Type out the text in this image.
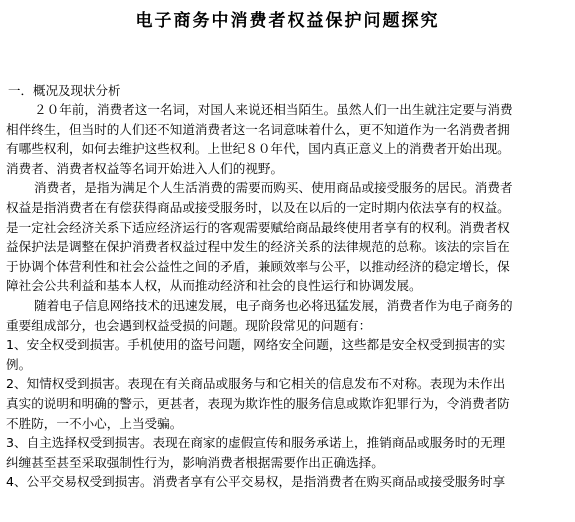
电子商务中消费者权益保护问题探究
一．概况及现状分析
２０年前，消费者这一名词，对国人来说还相当陌生。虽然人们一出生就注定要与消费
相伴终生，但当时的人们还不知道消费者这一名词意味着什么，更不知道作为一名消费者拥
有哪些权利，如何去维护这些权利。上世纪８０年代，国内真正意义上的消费者开始出现。
消费者、消费者权益等名词开始进入人们的视野。
消费者，是指为满足个人生活消费的需要而购买、使用商品或接受服务的居民。消费者
权益是指消费者在有偿获得商品或接受服务时，以及在以后的一定时期内依法享有的权益。
是一定社会经济关系下适应经济运行的客观需要赋给商品最终使用者享有的权利。消费者权
益保护法是调整在保护消费者权益过程中发生的经济关系的法律规范的总称。该法的宗旨在
于协调个体营利性和社会公益性之间的矛盾，兼顾效率与公平，以推动经济的稳定增长，保
障社会公共利益和基本人权，从而推动经济和社会的良性运行和协调发展。
随着电子信息网络技术的迅速发展，电子商务也必将迅猛发展，消费者作为电子商务的
重要组成部分，也会遇到权益受损的问题。现阶段常见的问题有：
1、安全权受到损害。手机使用的盗号问题，网络安全问题，这些都是安全权受到损害的实
例。
2、知情权受到损害。表现在有关商品或服务与和它相关的信息发布不对称。表现为未作出
真实的说明和明确的警示，更甚者，表现为欺诈性的服务信息或欺诈犯罪行为，令消费者防
不胜防，一不小心，上当受骗。
3、自主选择权受到损害。表现在商家的虚假宣传和服务承诺上，推销商品或服务时的无理
纠缠甚至甚至采取强制性行为，影响消费者根据需要作出正确选择。
4、公平交易权受到损害。消费者享有公平交易权，是指消费者在购买商品或接受服务时享
